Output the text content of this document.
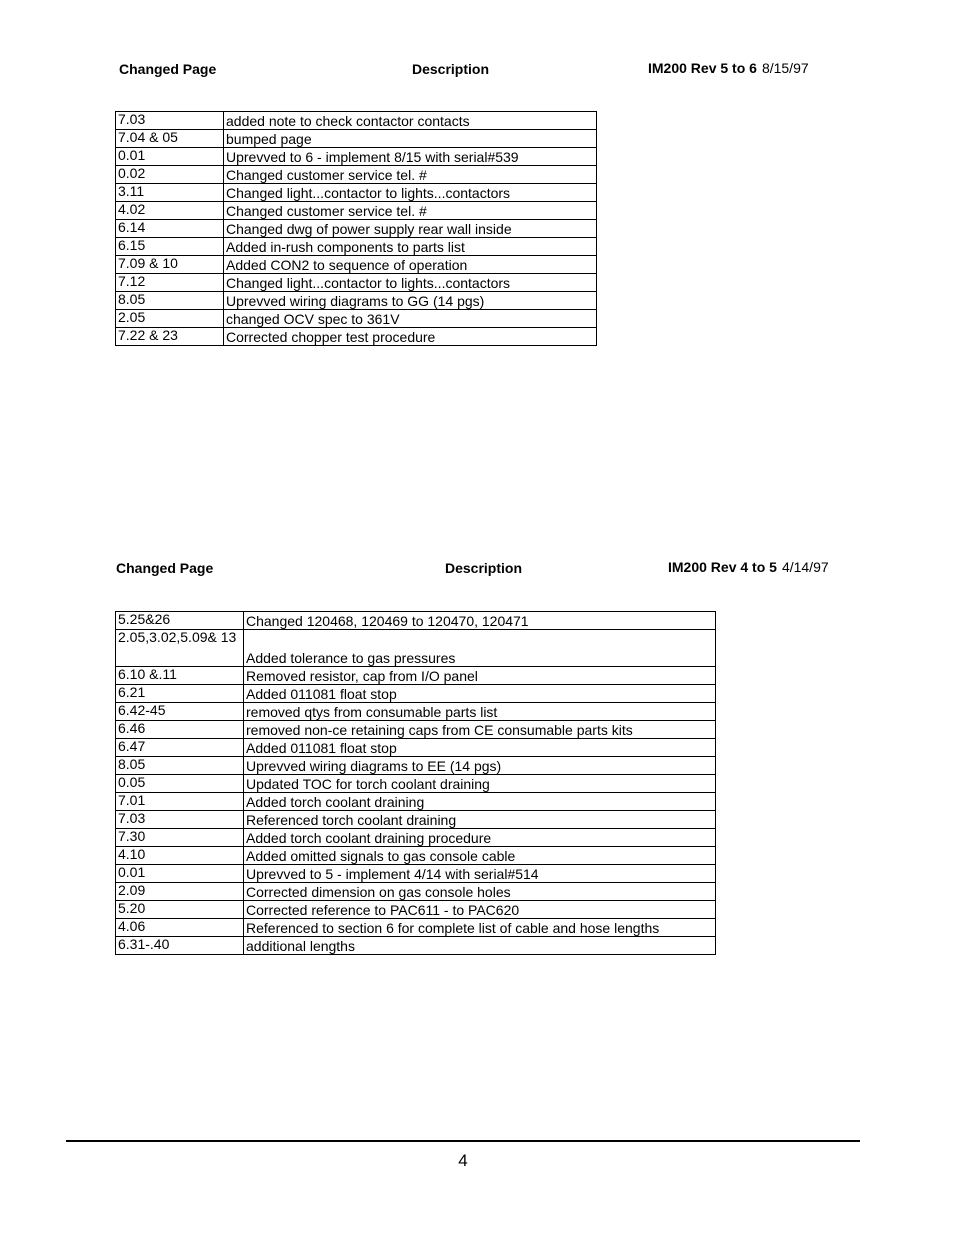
Changed Page	Description	IM200 Rev 5 to 6 8/15/97
7.03	added note to check contactor contacts
7.04 & 05	bumped page
0.01	Uprevved to 6 - implement 8/15 with serial#539
0.02	Changed customer service tel. #
3.11	Changed light...contactor to lights...contactors
4.02	Changed customer service tel. #
6.14	Changed dwg of power supply rear wall inside
6.15	Added in-rush components to parts list
7.09 & 10	Added CON2 to sequence of operation
7.12	Changed light...contactor to lights...contactors
8.05	Uprevved wiring diagrams to GG (14 pgs)
2.05	changed OCV spec to 361V
7.22 & 23	Corrected chopper test procedure
Changed Page	Description	IM200 Rev 4 to 5 4/14/97
5.25&26	Changed 120468, 120469 to 120470, 120471
2.05,3.02,5.09& 13	Added tolerance to gas pressures
6.10 &.11	Removed resistor, cap from I/O panel
6.21	Added 011081 float stop
6.42-45	removed qtys from consumable parts list
6.46	removed non-ce retaining caps from CE consumable parts kits
6.47	Added 011081 float stop
8.05	Uprevved wiring diagrams to EE (14 pgs)
0.05	Updated TOC for torch coolant draining
7.01	Added torch coolant draining
7.03	Referenced torch coolant draining
7.30	Added torch coolant draining procedure
4.10	Added omitted signals to gas console cable
0.01	Uprevved to 5 - implement 4/14 with serial#514
2.09	Corrected dimension on gas console holes
5.20	Corrected reference to PAC611 - to PAC620
4.06	Referenced to section 6 for complete list of cable and hose lengths
6.31-.40	additional lengths
4
